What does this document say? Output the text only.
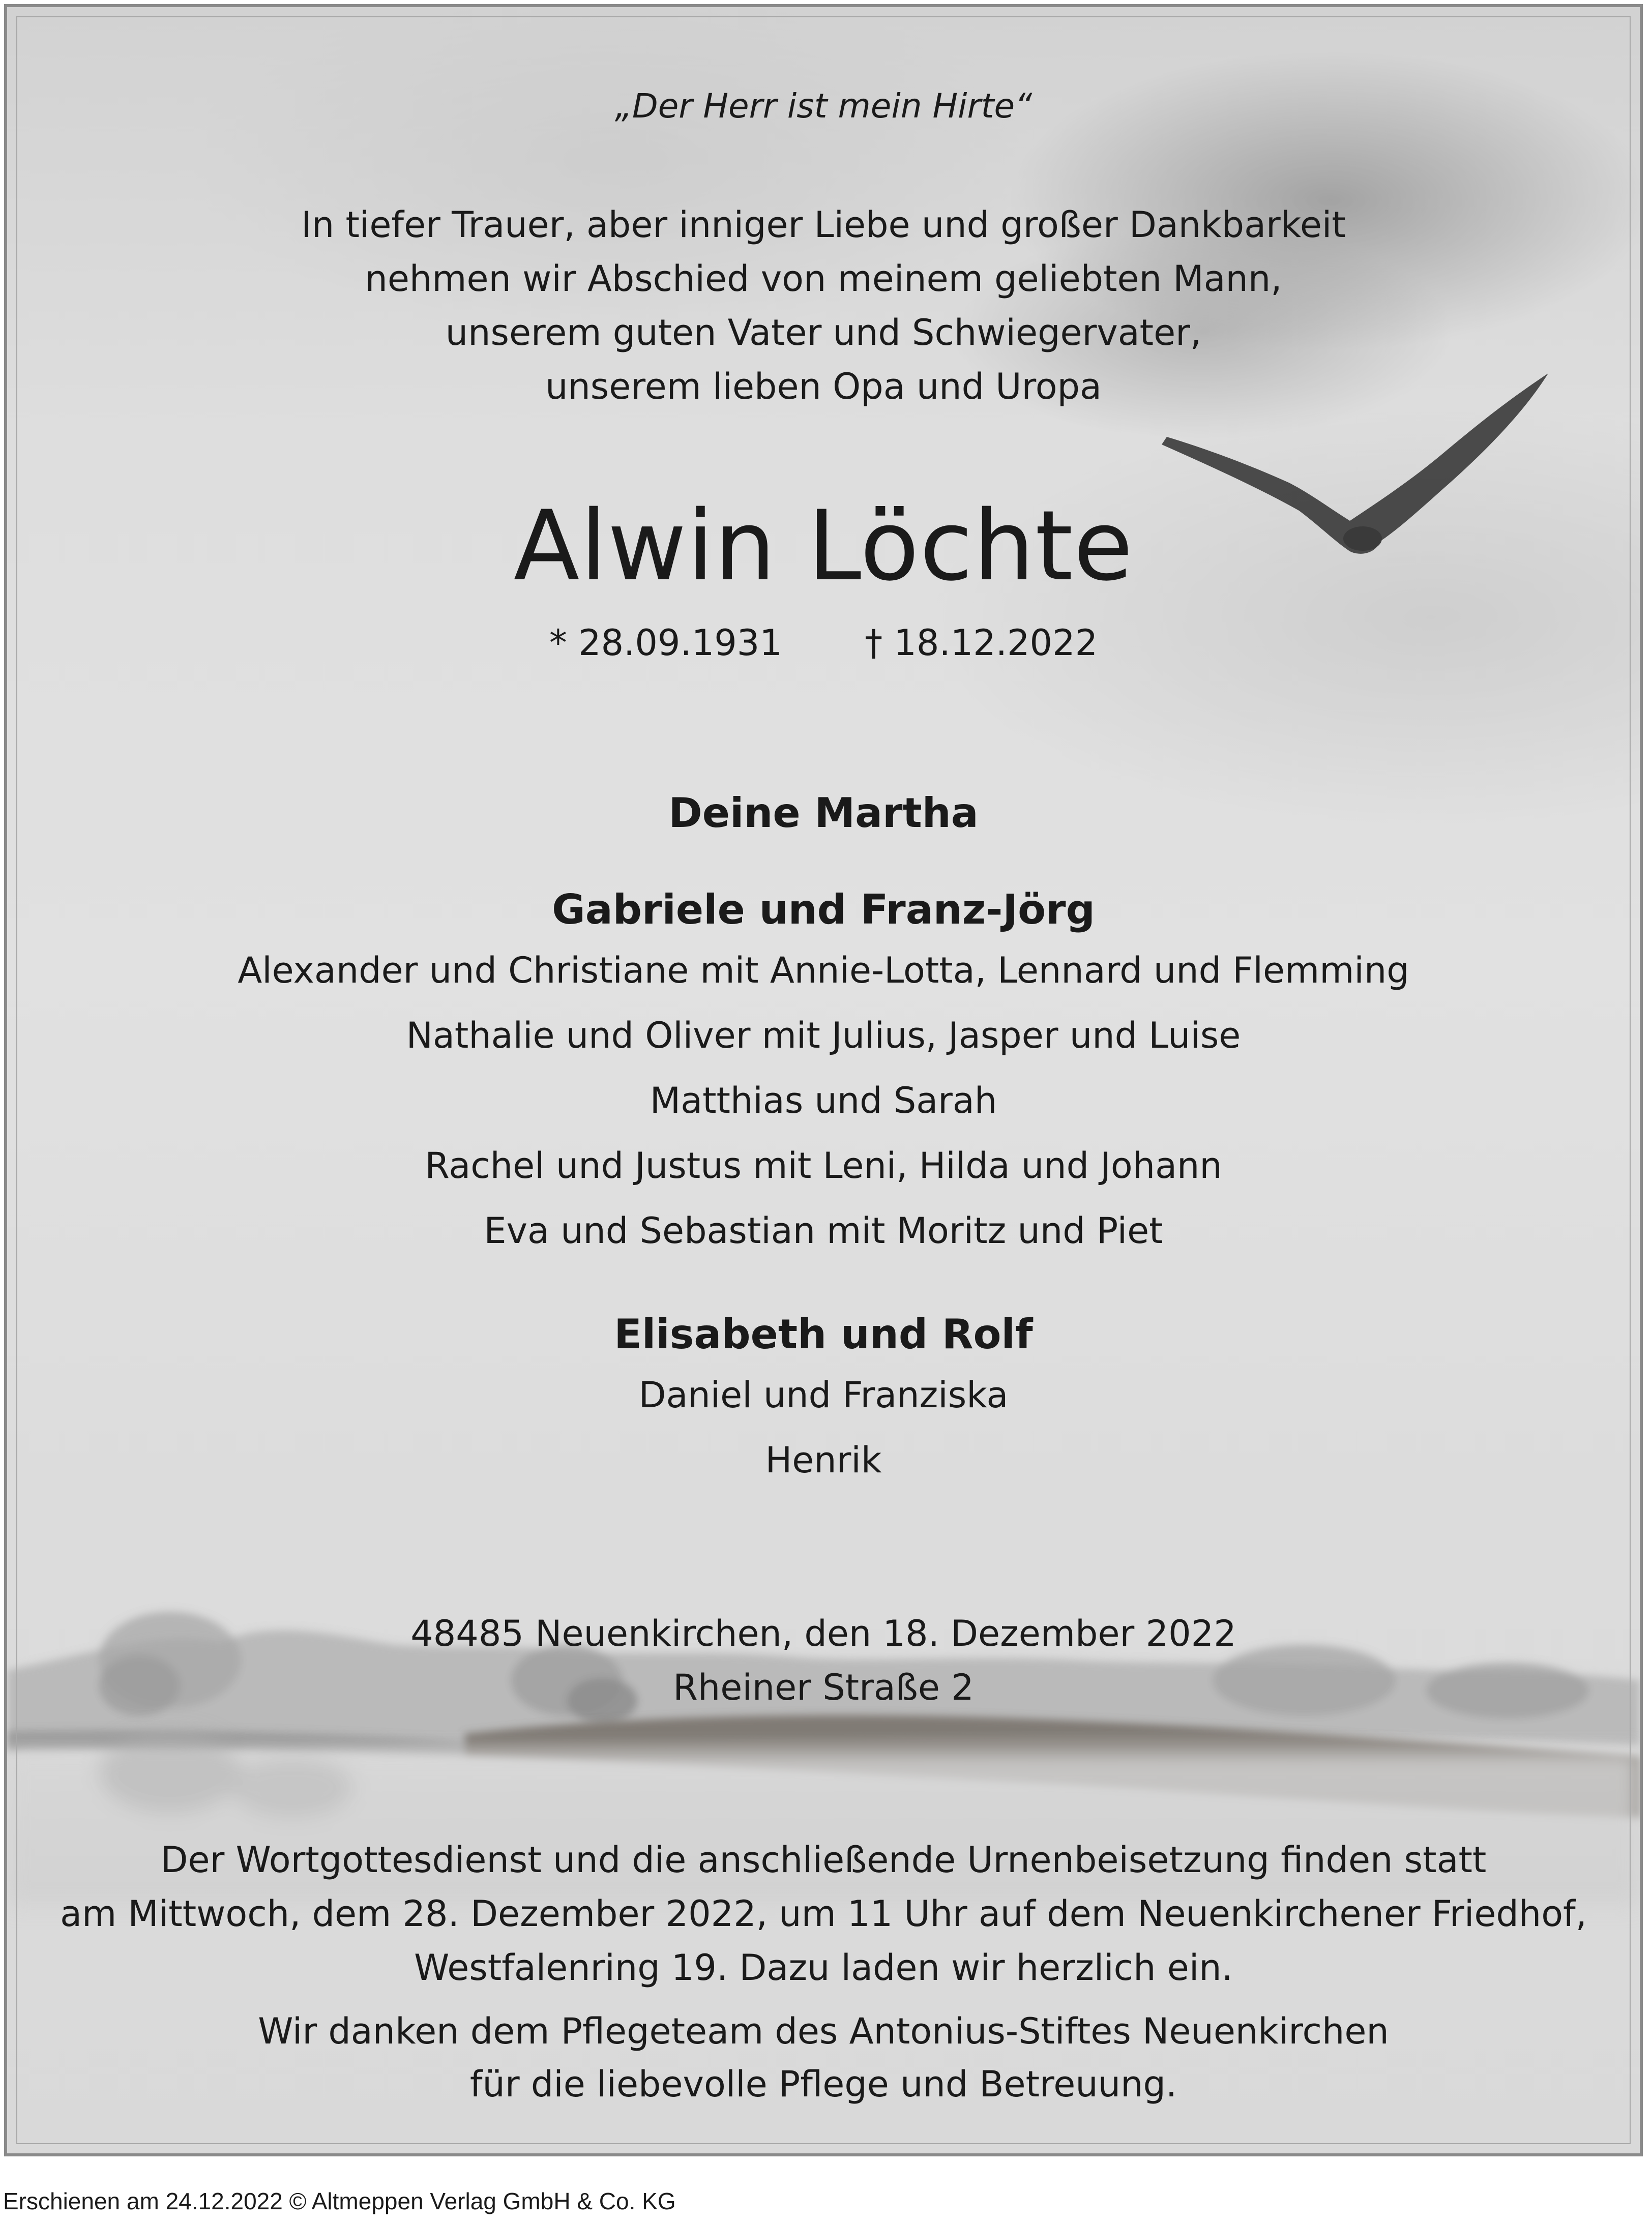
„Der Herr ist mein Hirte“
In tiefer Trauer, aber inniger Liebe und großer Dankbarkeit
nehmen wir Abschied von meinem geliebten Mann,
unserem guten Vater und Schwiegervater,
unserem lieben Opa und Uropa
Alwin Löchte
* 28.09.1931 † 18.12.2022
Deine Martha
Gabriele und Franz-Jörg
Alexander und Christiane mit Annie-Lotta, Lennard und Flemming
Nathalie und Oliver mit Julius, Jasper und Luise
Matthias und Sarah
Rachel und Justus mit Leni, Hilda und Johann
Eva und Sebastian mit Moritz und Piet
Elisabeth und Rolf
Daniel und Franziska
Henrik
48485 Neuenkirchen, den 18. Dezember 2022
Rheiner Straße 2
Der Wortgottesdienst und die anschließende Urnenbeisetzung finden statt
am Mittwoch, dem 28. Dezember 2022, um 11 Uhr auf dem Neuenkirchener Friedhof,
Westfalenring 19. Dazu laden wir herzlich ein.
Wir danken dem Pflegeteam des Antonius-Stiftes Neuenkirchen
für die liebevolle Pflege und Betreuung.
Erschienen am 24.12.2022 © Altmeppen Verlag GmbH & Co. KG
